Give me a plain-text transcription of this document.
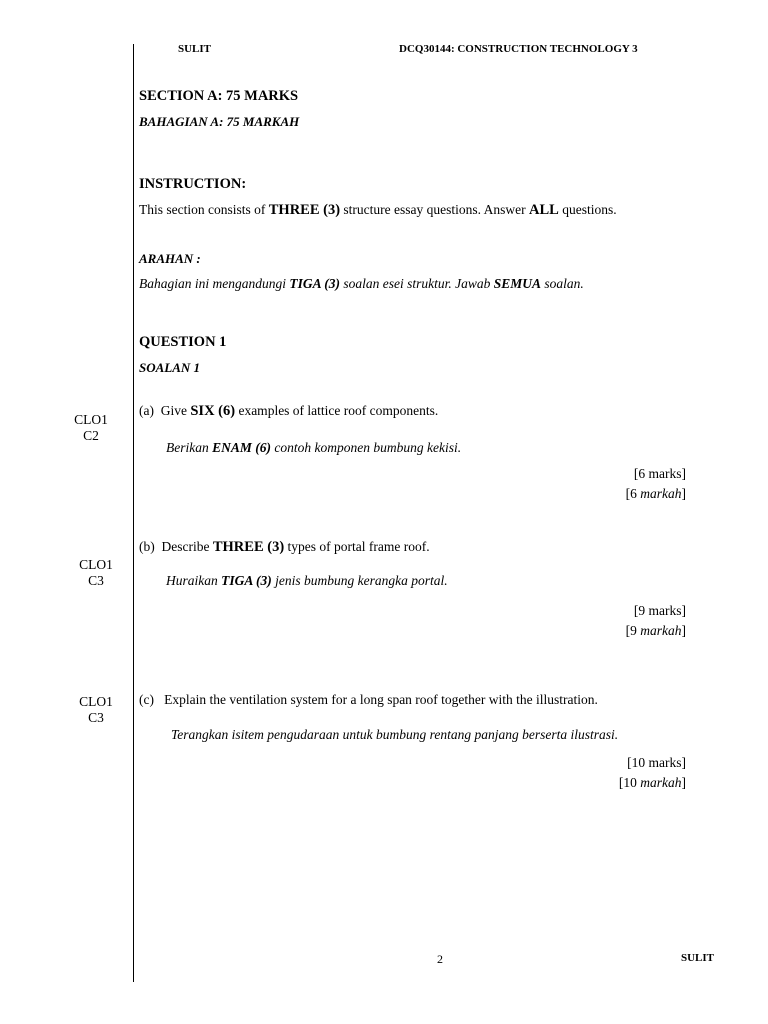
SULIT	DCQ30144: CONSTRUCTION TECHNOLOGY 3
SECTION A: 75 MARKS
BAHAGIAN A: 75 MARKAH
INSTRUCTION:
This section consists of THREE (3) structure essay questions. Answer ALL questions.
ARAHAN :
Bahagian ini mengandungi TIGA (3) soalan esei struktur. Jawab SEMUA soalan.
QUESTION 1
SOALAN 1
CLO1
C2
(a) Give SIX (6) examples of lattice roof components.
Berikan ENAM (6) contoh komponen bumbung kekisi.
[6 marks]
[6 markah]
CLO1
C3
(b) Describe THREE (3) types of portal frame roof.
Huraikan TIGA (3) jenis bumbung kerangka portal.
[9 marks]
[9 markah]
CLO1
C3
(c) Explain the ventilation system for a long span roof together with the illustration.
Terangkan isitem pengudaraan untuk bumbung rentang panjang berserta ilustrasi.
[10 marks]
[10 markah]
2	SULIT
